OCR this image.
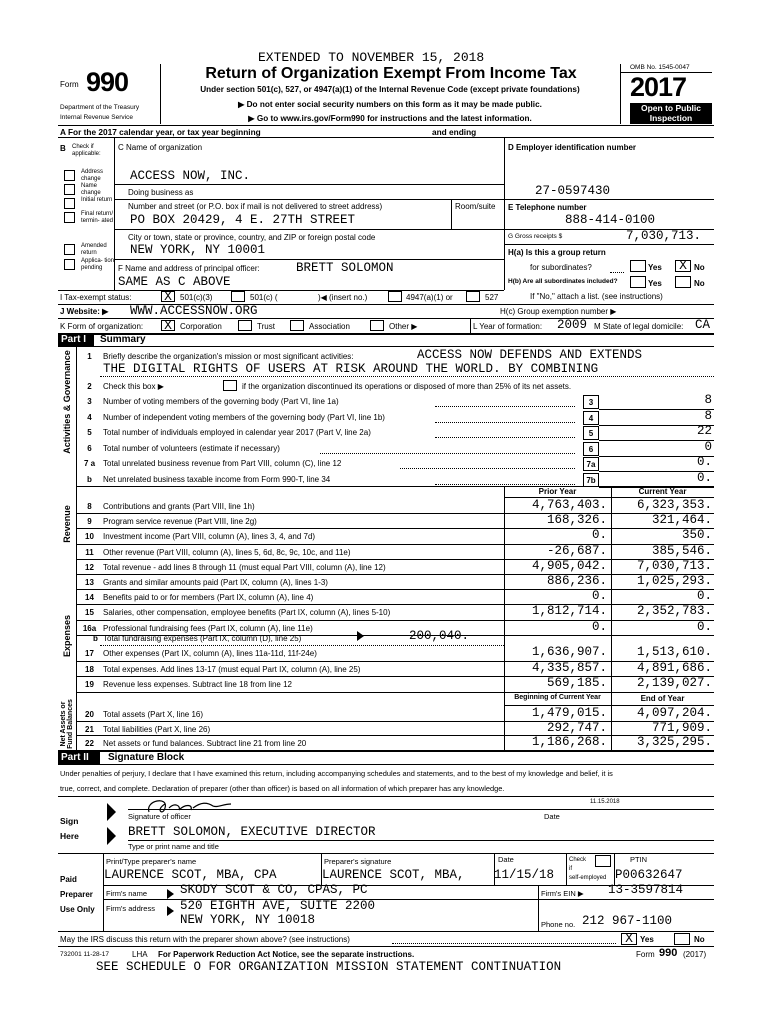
EXTENDED TO NOVEMBER 15, 2018
Form 990
Department of the Treasury
Internal Revenue Service
Return of Organization Exempt From Income Tax
Under section 501(c), 527, or 4947(a)(1) of the Internal Revenue Code (except private foundations)
▶ Do not enter social security numbers on this form as it may be made public.
▶ Go to www.irs.gov/Form990 for instructions and the latest information.
OMB No. 1545-0047
2017
Open to Public
Inspection
A For the 2017 calendar year, or tax year beginning	and ending
B Check if applicable:
Address change
Name change
Initial return
Final return/ termin- ated
Amended return
Applica- tion pending
C Name of organization
ACCESS NOW, INC.
Doing business as
Number and street (or P.O. box if mail is not delivered to street address)	Room/suite
PO BOX 20429, 4 E. 27TH STREET
City or town, state or province, country, and ZIP or foreign postal code
NEW YORK, NY 10001
F Name and address of principal officer:	BRETT SOLOMON
SAME AS C ABOVE
D Employer identification number
27-0597430
E Telephone number
888-414-0100
G Gross receipts $	7,030,713.
H(a) Is this a group return
for subordinates?	Yes	X No
H(b) Are all subordinates included?	Yes	No
If "No," attach a list. (see instructions)
I Tax-exempt status:	X	501(c)(3)	501(c) (	)◀ (insert no.)	4947(a)(1) or	527
J Website: ▶ WWW.ACCESSNOW.ORG	H(c) Group exemption number ▶
K Form of organization: X	Corporation	Trust	Association	Other ▶	L Year of formation: 2009 M State of legal domicile: CA
Part I Summary
Activities & Governance
Revenue
Expenses
Net Assets or Fund Balances
1	Briefly describe the organization's mission or most significant activities:	ACCESS NOW DEFENDS AND EXTENDS
THE DIGITAL RIGHTS OF USERS AT RISK AROUND THE WORLD. BY COMBINING
2	Check this box ▶	if the organization discontinued its operations or disposed of more than 25% of its net assets.
Prior Year	Current Year
b Total fundraising expenses (Part IX, column (D), line 25)	200,040.
Beginning of Current Year	End of Year
Part II Signature Block
Under penalties of perjury, I declare that I have examined this return, including accompanying schedules and statements, and to the best of my knowledge and belief, it is
true, correct, and complete. Declaration of preparer (other than officer) is based on all information of which preparer has any knowledge.
Sign
Here
11.15.2018
Signature of officer	Date
BRETT SOLOMON, EXECUTIVE DIRECTOR
Type or print name and title
Paid
Preparer
Use Only
Print/Type preparer's name	Preparer's signature	Date	Check
if
self-employed
PTIN
LAURENCE SCOT, MBA, CPA	LAURENCE SCOT, MBA, 11/15/18	P00632647
Firm's name	SKODY SCOT & CO, CPAS, PC	Firm's EIN ▶ 13-3597814
Firm's address 520 EIGHTH AVE, SUITE 2200
NEW YORK, NY 10018	Phone no. 212 967-1100
May the IRS discuss this return with the preparer shown above? (see instructions)	X Yes	No
732001 11-28-17	LHA For Paperwork Reduction Act Notice, see the separate instructions.	Form 990 (2017)
SEE SCHEDULE O FOR ORGANIZATION MISSION STATEMENT CONTINUATION
3	Number of voting members of the governing body (Part VI, line 1a)	3	8
4	Number of independent voting members of the governing body (Part VI, line 1b)	4	8
5	Total number of individuals employed in calendar year 2017 (Part V, line 2a)	5	22
6	Total number of volunteers (estimate if necessary)	6	0
7 a Total unrelated business revenue from Part VIII, column (C), line 12	7a	0.
b	Net unrelated business taxable income from Form 990-T, line 34	7b	0.
8	Contributions and grants (Part VIII, line 1h)	4,763,403.	6,323,353.
9	Program service revenue (Part VIII, line 2g)	168,326.	321,464.
10	Investment income (Part VIII, column (A), lines 3, 4, and 7d)	0.	350.
11	Other revenue (Part VIII, column (A), lines 5, 6d, 8c, 9c, 10c, and 11e)	-26,687.	385,546.
12	Total revenue - add lines 8 through 11 (must equal Part VIII, column (A), line 12)	4,905,042.	7,030,713.
13	Grants and similar amounts paid (Part IX, column (A), lines 1-3)	886,236.	1,025,293.
14	Benefits paid to or for members (Part IX, column (A), line 4)	0.	0.
15	Salaries, other compensation, employee benefits (Part IX, column (A), lines 5-10)	1,812,714.	2,352,783.
16a Professional fundraising fees (Part IX, column (A), line 11e)	0.	0.
17	Other expenses (Part IX, column (A), lines 11a-11d, 11f-24e)	1,636,907.	1,513,610.
18	Total expenses. Add lines 13-17 (must equal Part IX, column (A), line 25)	4,335,857.	4,891,686.
19	Revenue less expenses. Subtract line 18 from line 12	569,185.	2,139,027.
20	Total assets (Part X, line 16)	1,479,015.	4,097,204.
21	Total liabilities (Part X, line 26)	292,747.	771,909.
22	Net assets or fund balances. Subtract line 21 from line 20	1,186,268.	3,325,295.
